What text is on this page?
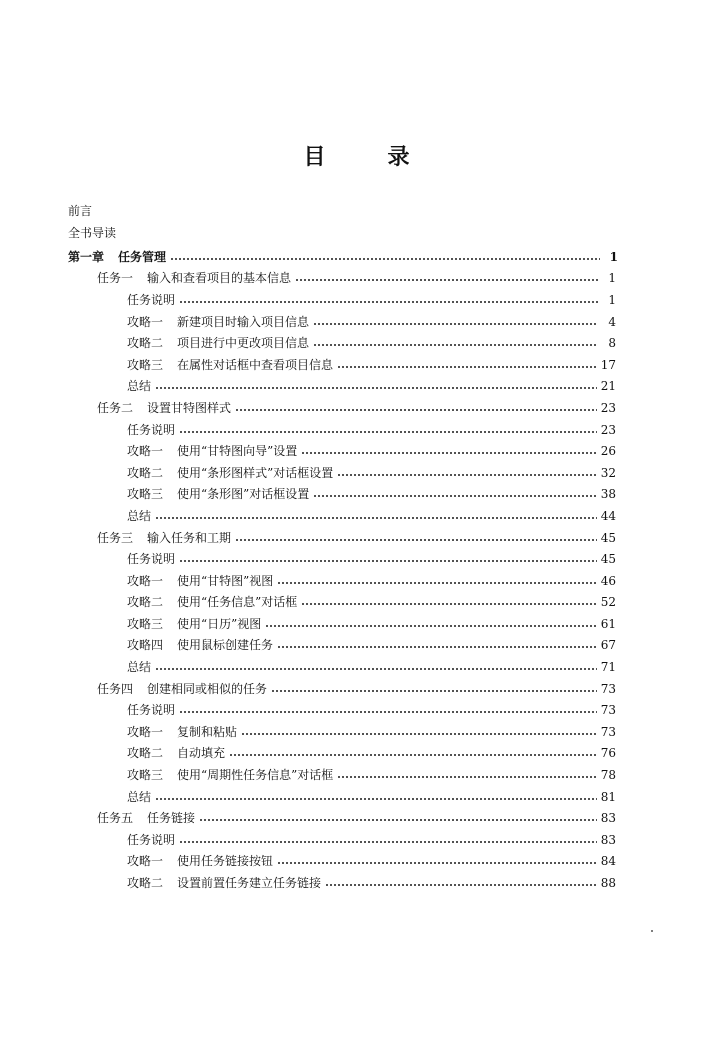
目	录
前言
全书导读
第一章 任务管理	1
任务一 输入和查看项目的基本信息	1
任务说明	1
攻略一 新建项目时输入项目信息	4
攻略二 项目进行中更改项目信息	8
攻略三 在属性对话框中查看项目信息	17
总结	21
任务二 设置甘特图样式	23
任务说明	23
攻略一 使用“甘特图向导”设置	26
攻略二 使用“条形图样式”对话框设置	32
攻略三 使用“条形图”对话框设置	38
总结	44
任务三 输入任务和工期	45
任务说明	45
攻略一 使用“甘特图”视图	46
攻略二 使用“任务信息”对话框	52
攻略三 使用“日历”视图	61
攻略四 使用鼠标创建任务	67
总结	71
任务四 创建相同或相似的任务	73
任务说明	73
攻略一 复制和粘贴	73
攻略二 自动填充	76
攻略三 使用“周期性任务信息”对话框	78
总结	81
任务五 任务链接	83
任务说明	83
攻略一 使用任务链接按钮	84
攻略二 设置前置任务建立任务链接	88
